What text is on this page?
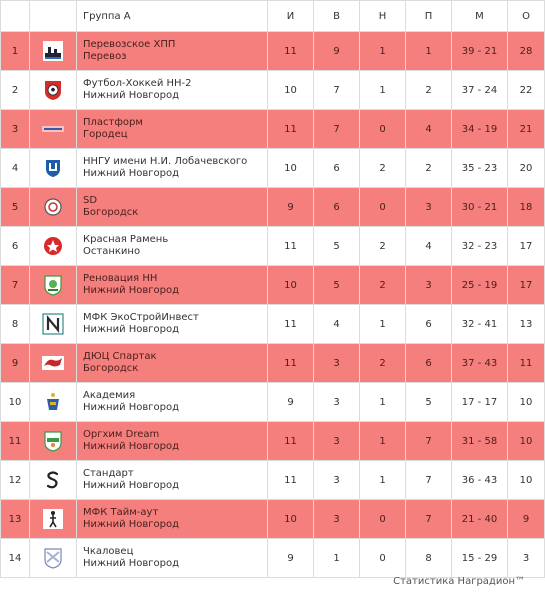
		Группа А	И	В	Н	П	М	О
1		Перевозское ХПП
Перевоз	11	9	1	1	39 - 21	28
2		Футбол-Хоккей НН-2
Нижний Новгород	10	7	1	2	37 - 24	22
3		Пластформ
Городец	11	7	0	4	34 - 19	21
4		ННГУ имени Н.И. Лобачевского
Нижний Новгород	10	6	2	2	35 - 23	20
5		SD
Богородск	9	6	0	3	30 - 21	18
6		Красная Рамень
Останкино	11	5	2	4	32 - 23	17
7		Реновация НН
Нижний Новгород	10	5	2	3	25 - 19	17
8		МФК ЭкоСтройИнвест
Нижний Новгород	11	4	1	6	32 - 41	13
9		ДЮЦ Спартак
Богородск	11	3	2	6	37 - 43	11
10		Академия
Нижний Новгород	9	3	1	5	17 - 17	10
11		Оргхим Dream
Нижний Новгород	11	3	1	7	31 - 58	10
12		Стандарт
Нижний Новгород	11	3	1	7	36 - 43	10
13		МФК Тайм-аут
Нижний Новгород	10	3	0	7	21 - 40	9
14		Чкаловец
Нижний Новгород	9	1	0	8	15 - 29	3
Статистика Наградион™
